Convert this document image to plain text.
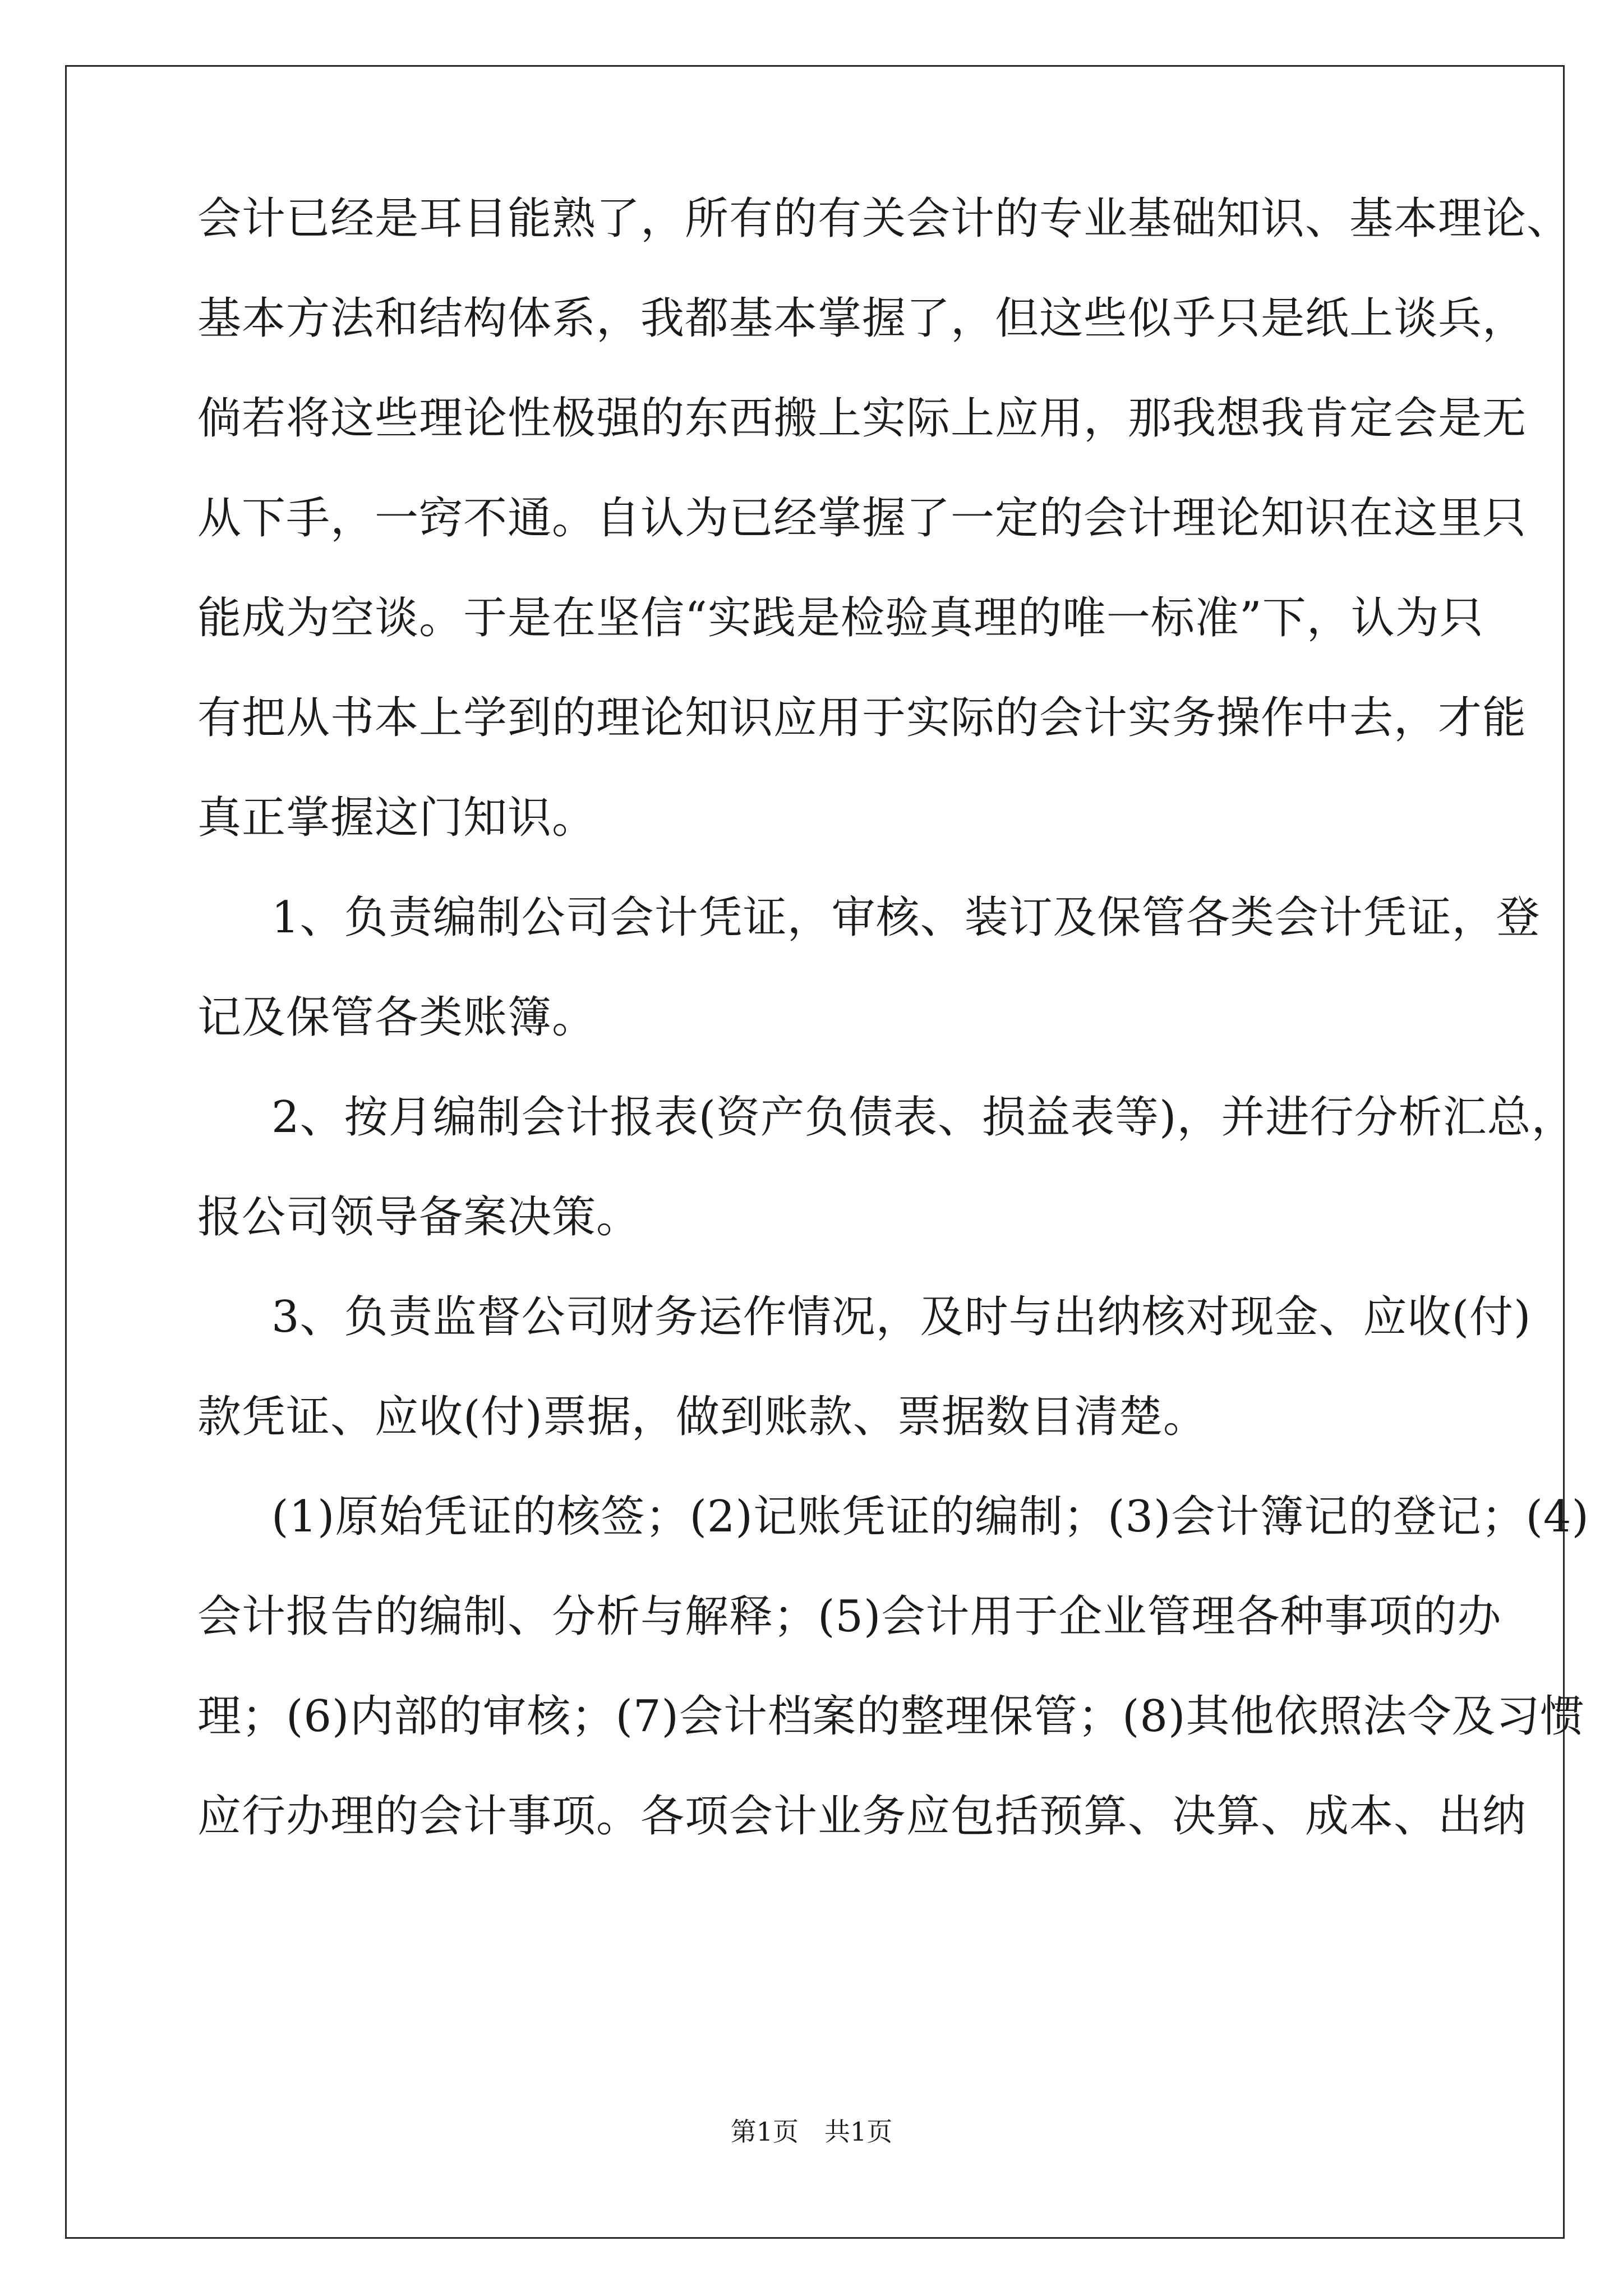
会计已经是耳目能熟了，所有的有关会计的专业基础知识、基本理论、
基本方法和结构体系，我都基本掌握了，但这些似乎只是纸上谈兵，
倘若将这些理论性极强的东西搬上实际上应用，那我想我肯定会是无
从下手，一窍不通。自认为已经掌握了一定的会计理论知识在这里只
能成为空谈。于是在坚信“实践是检验真理的唯一标准”下，认为只
有把从书本上学到的理论知识应用于实际的会计实务操作中去，才能
真正掌握这门知识。
1、负责编制公司会计凭证，审核、装订及保管各类会计凭证，登
记及保管各类账簿。
2、按月编制会计报表(资产负债表、损益表等)，并进行分析汇总，
报公司领导备案决策。
3、负责监督公司财务运作情况，及时与出纳核对现金、应收(付)
款凭证、应收(付)票据，做到账款、票据数目清楚。
(1)原始凭证的核签；(2)记账凭证的编制；(3)会计簿记的登记；(4)
会计报告的编制、分析与解释；(5)会计用于企业管理各种事项的办
理；(6)内部的审核；(7)会计档案的整理保管；(8)其他依照法令及习惯
应行办理的会计事项。各项会计业务应包括预算、决算、成本、出纳
第1页　共1页
